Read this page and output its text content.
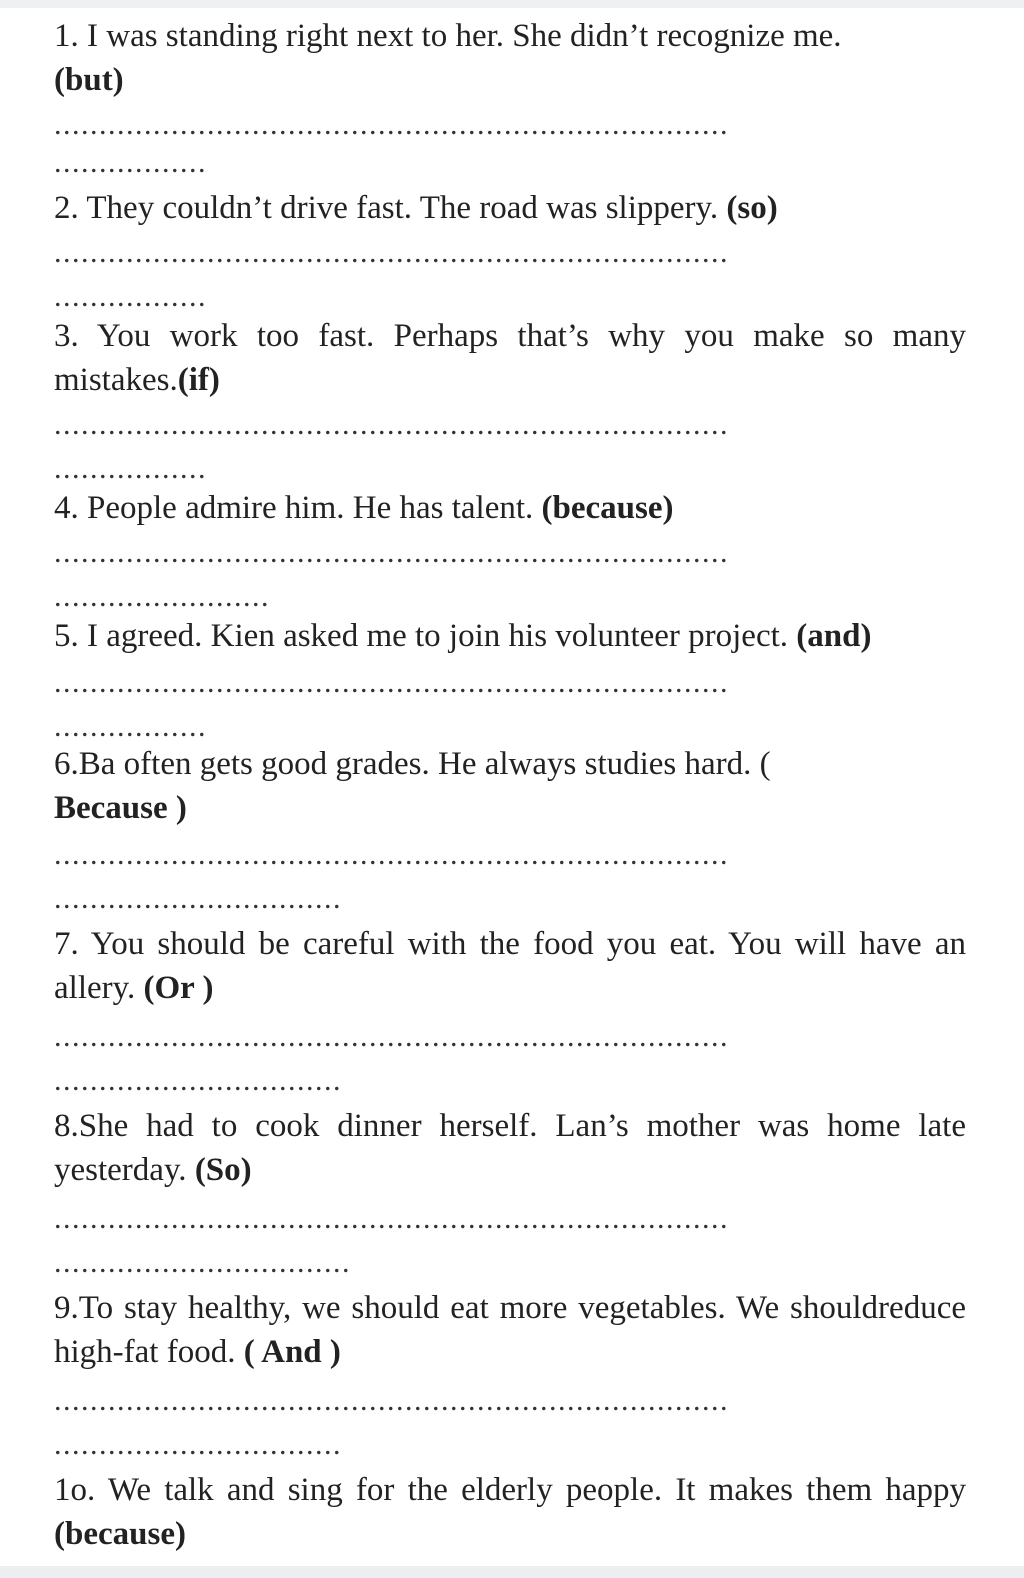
1. I was standing right next to her. She didn’t recognize me.
(but)
...........................................................................
.................
2. They couldn’t drive fast. The road was slippery. (so)
...........................................................................
.................
3. You work too fast. Perhaps that’s why you make so many mistakes.(if)
...........................................................................
.................
4. People admire him. He has talent. (because)
...........................................................................
........................
5. I agreed. Kien asked me to join his volunteer project. (and)
...........................................................................
.................
6.Ba often gets good grades. He always studies hard. (
Because )
...........................................................................
................................
7. You should be careful with the food you eat. You will have an allery. (Or )
...........................................................................
................................
8.She had to cook dinner herself. Lan’s mother was home late yesterday. (So)
...........................................................................
.................................
9.To stay healthy, we should eat more vegetables. We shouldreduce high-fat food. ( And )
...........................................................................
................................
1o. We talk and sing for the elderly people. It makes them happy (because)
